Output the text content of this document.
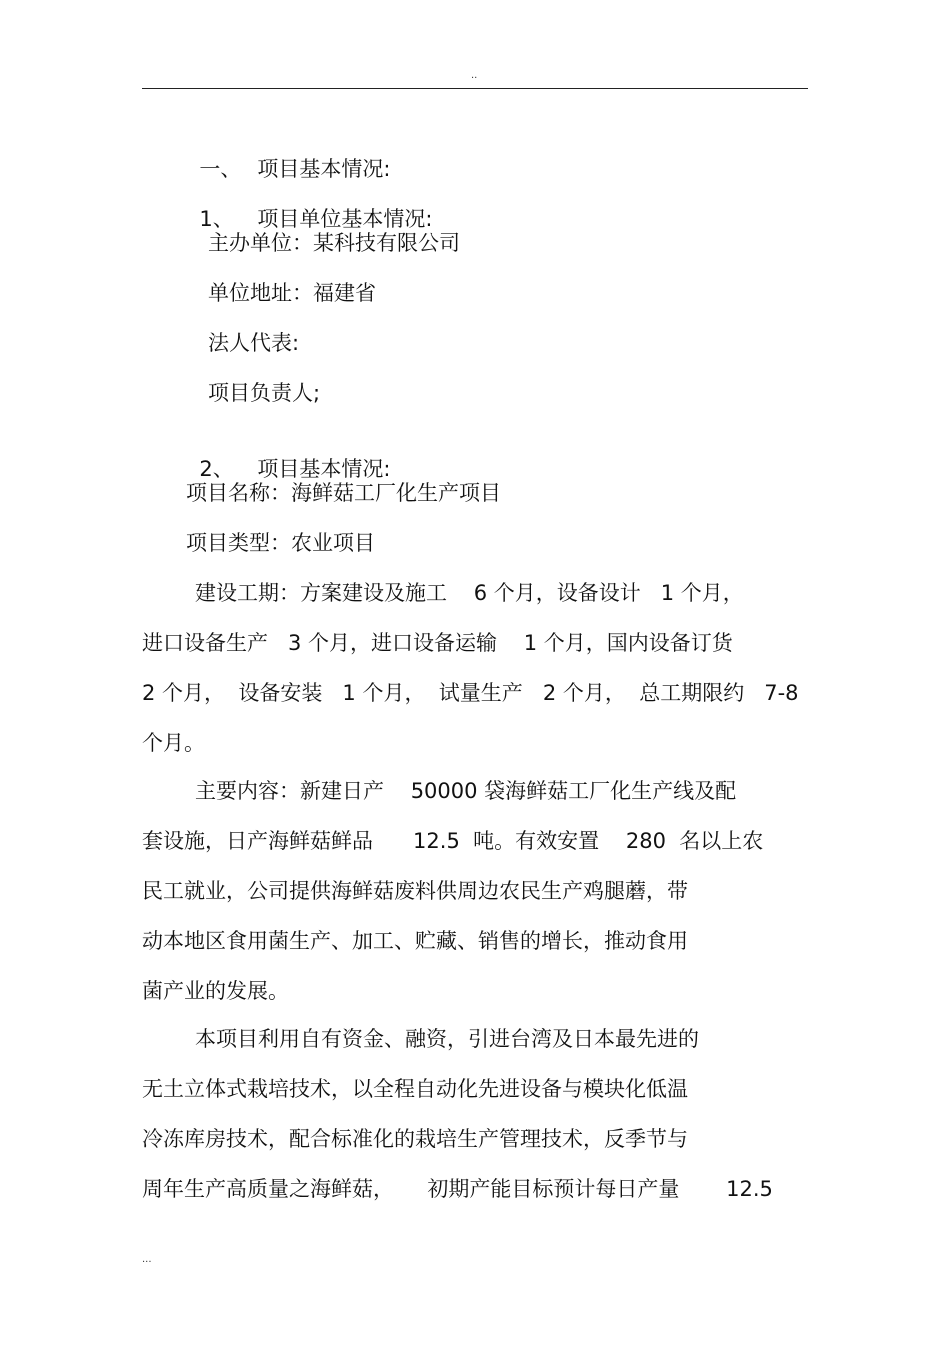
..

一、 项目基本情况:

1、 项目单位基本情况:

主办单位：某科技有限公司
单位地址：福建省
法人代表:
项目负责人;

2、 项目基本情况:

项目名称：海鲜菇工厂化生产项目
项目类型：农业项目
建设工期：方案建设及施工    6 个月，设备设计   1 个月，
进口设备生产   3 个月，进口设备运输    1 个月，国内设备订货
2 个月，  设备安装   1 个月，  试量生产   2 个月，  总工期限约   7-8
个月。
主要内容：新建日产    50000 袋海鲜菇工厂化生产线及配
套设施，日产海鲜菇鲜品      12.5  吨。有效安置    280  名以上农
民工就业，公司提供海鲜菇废料供周边农民生产鸡腿蘑，带
动本地区食用菌生产、加工、贮藏、销售的增长，推动食用
菌产业的发展。
本项目利用自有资金、融资，引进台湾及日本最先进的
无土立体式栽培技术，以全程自动化先进设备与模块化低温
冷冻库房技术，配合标准化的栽培生产管理技术，反季节与
周年生产高质量之海鲜菇，     初期产能目标预计每日产量       12.5
...
